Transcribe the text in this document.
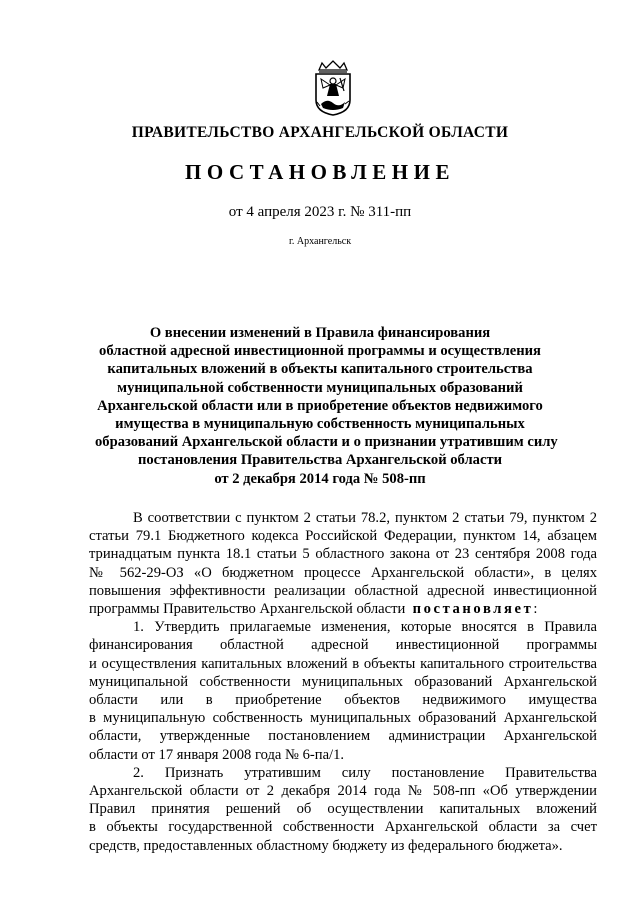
ПРАВИТЕЛЬСТВО АРХАНГЕЛЬСКОЙ ОБЛАСТИ
ПОСТАНОВЛЕНИЕ
от 4 апреля 2023 г. № 311-пп
г. Архангельск
О внесении изменений в Правила финансирования
областной адресной инвестиционной программы и осуществления
капитальных вложений в объекты капитального строительства
муниципальной собственности муниципальных образований
Архангельской области или в приобретение объектов недвижимого
имущества в муниципальную собственность муниципальных
образований Архангельской области и о признании утратившим силу
постановления Правительства Архангельской области
от 2 декабря 2014 года № 508-пп
В соответствии с пунктом 2 статьи 78.2, пунктом 2 статьи 79, пунктом 2
статьи 79.1 Бюджетного кодекса Российской Федерации, пунктом 14, абзацем
тринадцатым пункта 18.1 статьи 5 областного закона от 23 сентября 2008 года
№ 562-29-ОЗ «О бюджетном процессе Архангельской области», в целях
повышения эффективности реализации областной адресной инвестиционной
программы Правительство Архангельской области постановляет:
1. Утвердить прилагаемые изменения, которые вносятся в Правила
финансирования областной адресной инвестиционной программы
и осуществления капитальных вложений в объекты капитального строительства
муниципальной собственности муниципальных образований Архангельской
области или в приобретение объектов недвижимого имущества
в муниципальную собственность муниципальных образований Архангельской
области, утвержденные постановлением администрации Архангельской
области от 17 января 2008 года № 6-па/1.
2. Признать утратившим силу постановление Правительства
Архангельской области от 2 декабря 2014 года № 508-пп «Об утверждении
Правил принятия решений об осуществлении капитальных вложений
в объекты государственной собственности Архангельской области за счет
средств, предоставленных областному бюджету из федерального бюджета».
